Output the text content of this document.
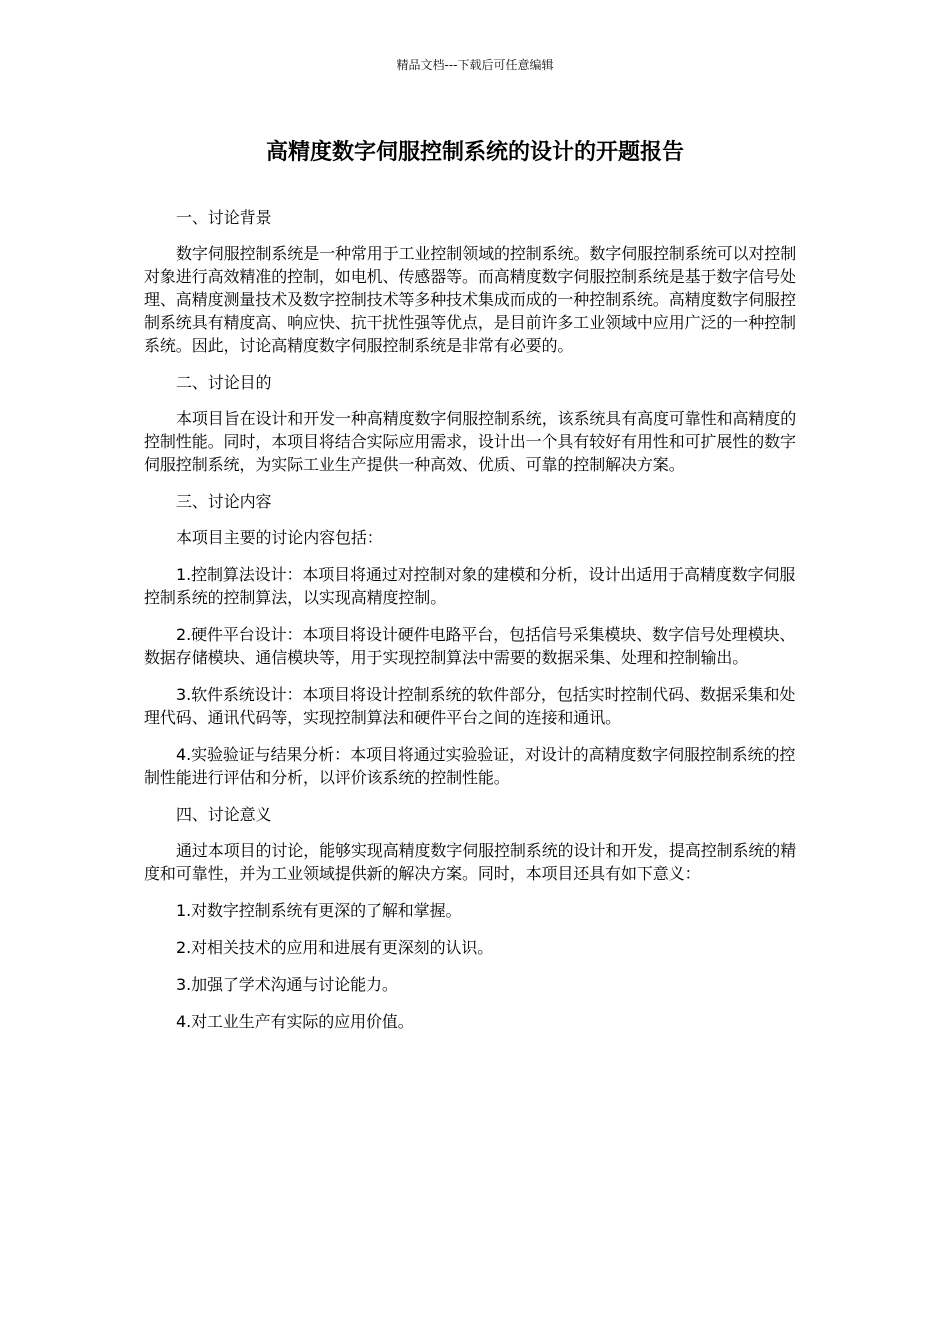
精品文档---下载后可任意编辑
高精度数字伺服控制系统的设计的开题报告

一、讨论背景

数字伺服控制系统是一种常用于工业控制领域的控制系统。数字伺服控制系统可以对控制对象进行高效精准的控制，如电机、传感器等。而高精度数字伺服控制系统是基于数字信号处理、高精度测量技术及数字控制技术等多种技术集成而成的一种控制系统。高精度数字伺服控制系统具有精度高、响应快、抗干扰性强等优点，是目前许多工业领域中应用广泛的一种控制系统。因此，讨论高精度数字伺服控制系统是非常有必要的。

二、讨论目的

本项目旨在设计和开发一种高精度数字伺服控制系统，该系统具有高度可靠性和高精度的控制性能。同时，本项目将结合实际应用需求，设计出一个具有较好有用性和可扩展性的数字伺服控制系统，为实际工业生产提供一种高效、优质、可靠的控制解决方案。

三、讨论内容

本项目主要的讨论内容包括：

1.控制算法设计：本项目将通过对控制对象的建模和分析，设计出适用于高精度数字伺服控制系统的控制算法，以实现高精度控制。

2.硬件平台设计：本项目将设计硬件电路平台，包括信号采集模块、数字信号处理模块、数据存储模块、通信模块等，用于实现控制算法中需要的数据采集、处理和控制输出。

3.软件系统设计：本项目将设计控制系统的软件部分，包括实时控制代码、数据采集和处理代码、通讯代码等，实现控制算法和硬件平台之间的连接和通讯。

4.实验验证与结果分析：本项目将通过实验验证，对设计的高精度数字伺服控制系统的控制性能进行评估和分析，以评价该系统的控制性能。

四、讨论意义

通过本项目的讨论，能够实现高精度数字伺服控制系统的设计和开发，提高控制系统的精度和可靠性，并为工业领域提供新的解决方案。同时，本项目还具有如下意义：

1.对数字控制系统有更深的了解和掌握。

2.对相关技术的应用和进展有更深刻的认识。

3.加强了学术沟通与讨论能力。

4.对工业生产有实际的应用价值。
